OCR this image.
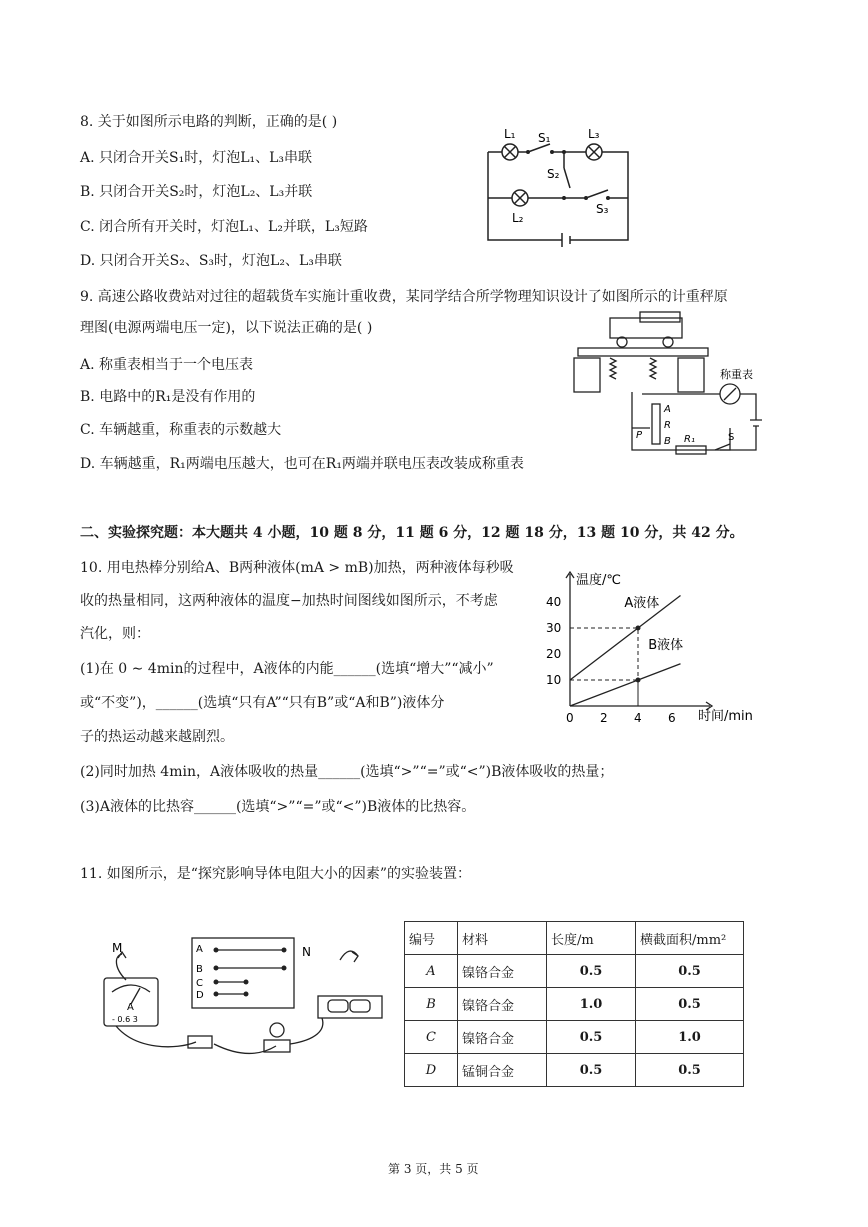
8. 关于如图所示电路的判断，正确的是( )
A. 只闭合开关S₁时，灯泡L₁、L₃串联
B. 只闭合开关S₂时，灯泡L₂、L₃并联
C. 闭合所有开关时，灯泡L₁、L₂并联，L₃短路
D. 只闭合开关S₂、S₃时，灯泡L₂、L₃串联
L₁ S₁	L₃
S₂
S₃
L₂
9. 高速公路收费站对过往的超载货车实施计重收费，某同学结合所学物理知识设计了如图所示的计重秤原
理图(电源两端电压一定)，以下说法正确的是( )
A. 称重表相当于一个电压表
B. 电路中的R₁是没有作用的
C. 车辆越重，称重表的示数越大
D. 车辆越重，R₁两端电压越大，也可在R₁两端并联电压表改装成称重表
称重表
A
R
B
P	R₁	S
二、实验探究题：本大题共 4 小题，10 题 8 分，11 题 6 分，12 题 18 分，13 题 10 分，共 42 分。
10. 用电热棒分别给A、B两种液体(mA > mB)加热，两种液体每秒吸
收的热量相同，这两种液体的温度−加热时间图线如图所示，不考虑
汽化，则：
(1)在 0 ∼ 4min的过程中，A液体的内能______(选填“增大”“减小”
或“不变”)，______(选填“只有A”“只有B”或“A和B”)液体分
子的热运动越来越剧烈。
(2)同时加热 4min，A液体吸收的热量______(选填“>”“=”或“<”)B液体吸收的热量；
(3)A液体的比热容______(选填“>”“=”或“<”)B液体的比热容。
温度/℃
时间/min
0 2 4 6
10
20
30
40	A液体
B液体
11. 如图所示，是“探究影响导体电阻大小的因素”的实验装置：
M	N
A
B
C
D
A
- 0.6 3
编号	材料	长度/m	横截面积/mm²
A	镍铬合金	0.5	0.5
B	镍铬合金	1.0	0.5
C	镍铬合金	0.5	1.0
D	锰铜合金	0.5	0.5
第 3 页，共 5 页
